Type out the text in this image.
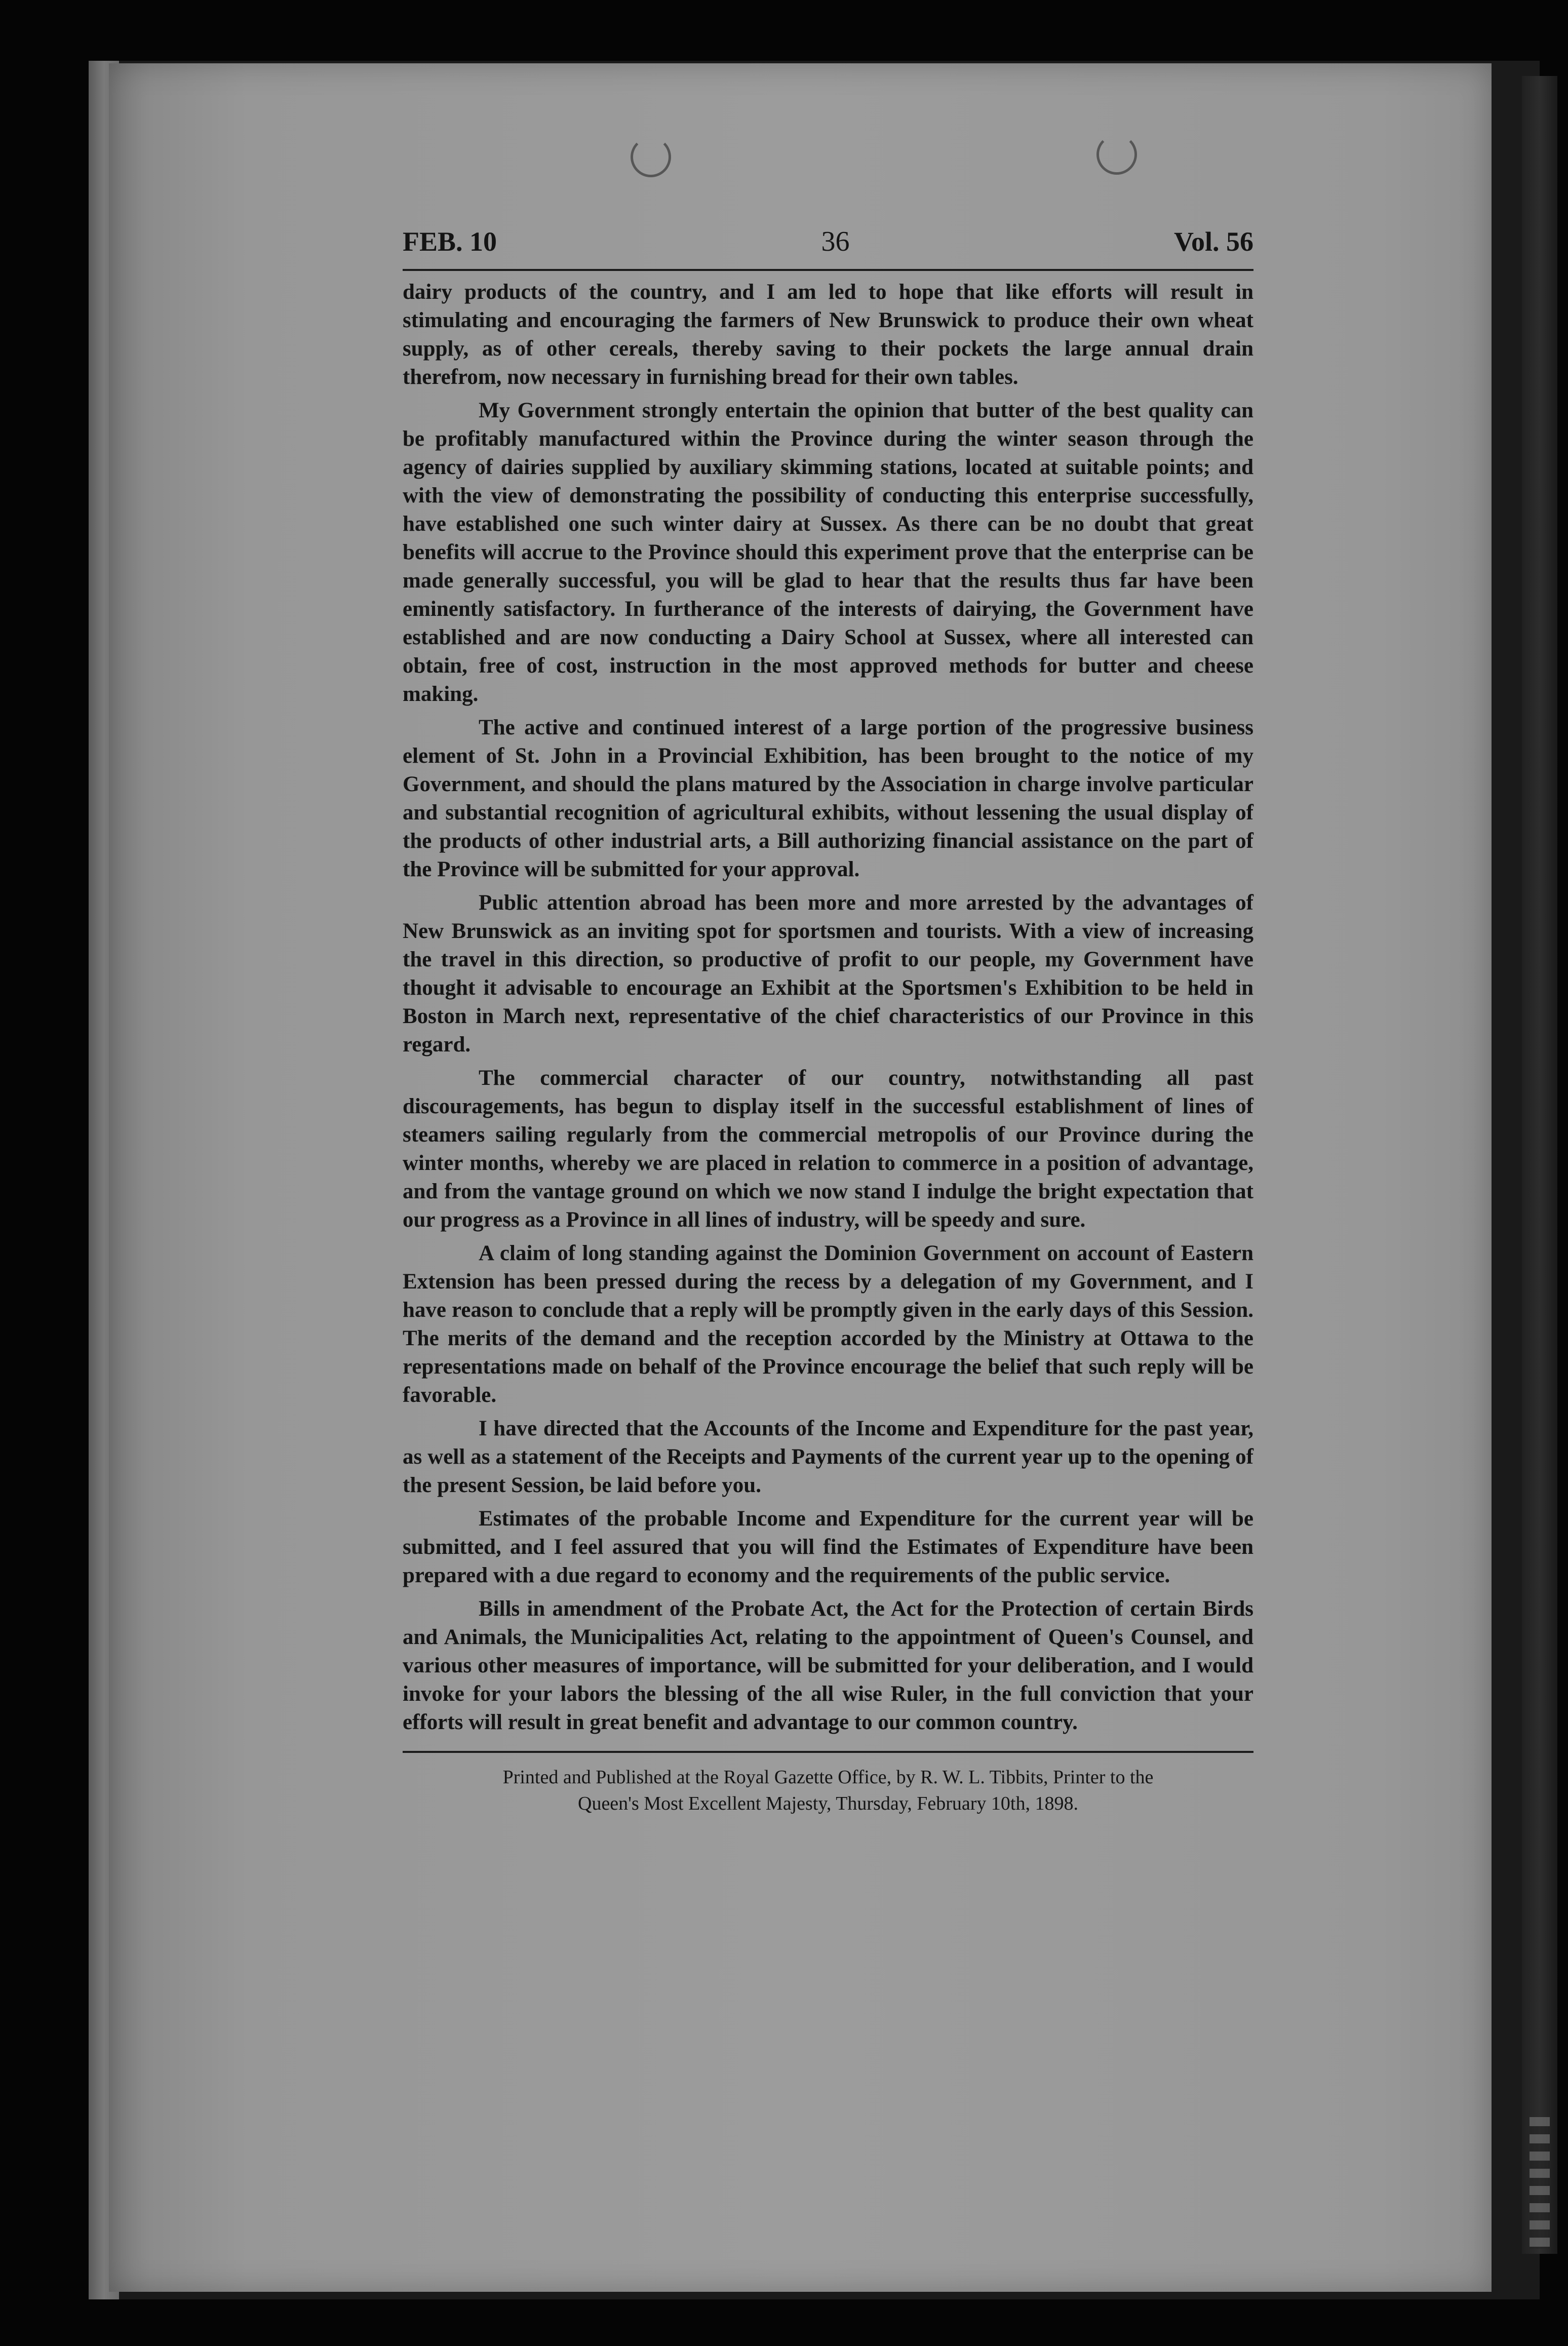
FEB. 10	36	Vol. 56

dairy products of the country, and I am led to hope that like efforts will result in stimulating and encouraging the farmers of New Brunswick to produce their own wheat supply, as of other cereals, thereby saving to their pockets the large annual drain therefrom, now necessary in furnishing bread for their own tables.

My Government strongly entertain the opinion that butter of the best quality can be profitably manufactured within the Province during the winter season through the agency of dairies supplied by auxiliary skimming stations, located at suitable points; and with the view of demonstrating the possibility of conducting this enterprise successfully, have established one such winter dairy at Sussex. As there can be no doubt that great benefits will accrue to the Province should this experiment prove that the enterprise can be made generally successful, you will be glad to hear that the results thus far have been eminently satisfactory. In furtherance of the interests of dairying, the Government have established and are now conducting a Dairy School at Sussex, where all interested can obtain, free of cost, instruction in the most approved methods for butter and cheese making.

The active and continued interest of a large portion of the progressive business element of St. John in a Provincial Exhibition, has been brought to the notice of my Government, and should the plans matured by the Association in charge involve particular and substantial recognition of agricultural exhibits, without lessening the usual display of the products of other industrial arts, a Bill authorizing financial assistance on the part of the Province will be submitted for your approval.

Public attention abroad has been more and more arrested by the advantages of New Brunswick as an inviting spot for sportsmen and tourists. With a view of increasing the travel in this direction, so productive of profit to our people, my Government have thought it advisable to encourage an Exhibit at the Sportsmen's Exhibition to be held in Boston in March next, representative of the chief characteristics of our Province in this regard.

The commercial character of our country, notwithstanding all past discouragements, has begun to display itself in the successful establishment of lines of steamers sailing regularly from the commercial metropolis of our Province during the winter months, whereby we are placed in relation to commerce in a position of advantage, and from the vantage ground on which we now stand I indulge the bright expectation that our progress as a Province in all lines of industry, will be speedy and sure.

A claim of long standing against the Dominion Government on account of Eastern Extension has been pressed during the recess by a delegation of my Government, and I have reason to conclude that a reply will be promptly given in the early days of this Session. The merits of the demand and the reception accorded by the Ministry at Ottawa to the representations made on behalf of the Province encourage the belief that such reply will be favorable.

I have directed that the Accounts of the Income and Expenditure for the past year, as well as a statement of the Receipts and Payments of the current year up to the opening of the present Session, be laid before you.

Estimates of the probable Income and Expenditure for the current year will be submitted, and I feel assured that you will find the Estimates of Expenditure have been prepared with a due regard to economy and the requirements of the public service.

Bills in amendment of the Probate Act, the Act for the Protection of certain Birds and Animals, the Municipalities Act, relating to the appointment of Queen's Counsel, and various other measures of importance, will be submitted for your deliberation, and I would invoke for your labors the blessing of the all wise Ruler, in the full conviction that your efforts will result in great benefit and advantage to our common country.

Printed and Published at the Royal Gazette Office, by R. W. L. Tibbits, Printer to the
Queen's Most Excellent Majesty, Thursday, February 10th, 1898.
